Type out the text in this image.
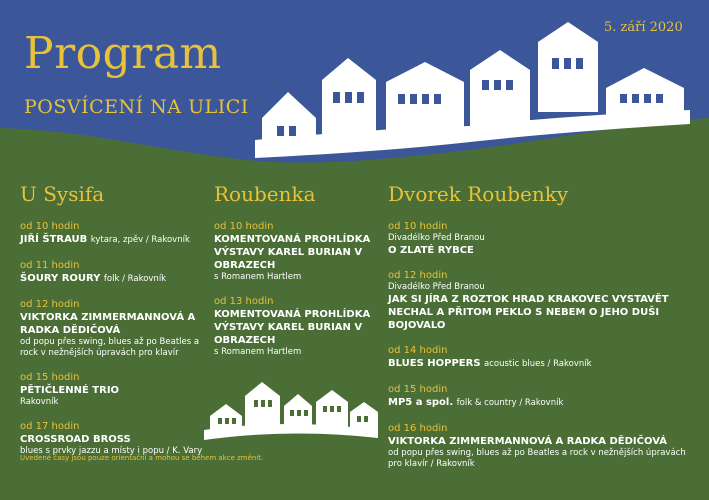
Program

POSVÍCENÍ NA ULICI

5. září 2020

U Sysifa
od 10 hodin
JIŘÍ ŠTRAUB kytara, zpěv / Rakovník
od 11 hodin
ŠOURY ROURY folk / Rakovník
od 12 hodin
VIKTORKA ZIMMERMANNOVÁ A RADKA DĚDIČOVÁ
od popu přes swing, blues až po Beatles a rock v nežnějších úpravách pro klavír
od 15 hodin
PĚTIČLENNÉ TRIO
Rakovník
od 17 hodin
CROSSROAD BROSS
blues s prvky jazzu a místy i popu / K. Vary
Roubenka
od 10 hodin
KOMENTOVANÁ PROHLÍDKA VÝSTAVY KAREL BURIAN V OBRAZECH
s Romanem Hartlem
od 13 hodin
KOMENTOVANÁ PROHLÍDKA VÝSTAVY KAREL BURIAN V OBRAZECH
s Romanem Hartlem
Dvorek Roubenky
od 10 hodin
Divadélko Před Branou
O ZLATÉ RYBCE
od 12 hodin
Divadélko Před Branou
JAK SI JÍRA Z ROZTOK HRAD KRAKOVEC VYSTAVĚT NECHAL A PŘITOM PEKLO S NEBEM O JEHO DUŠI BOJOVALO
od 14 hodin
BLUES HOPPERS acoustic blues / Rakovník
od 15 hodin
MP5 a spol. folk & country / Rakovník
od 16 hodin
VIKTORKA ZIMMERMANNOVÁ A RADKA DĚDIČOVÁ
od popu přes swing, blues až po Beatles a rock v nežnějších úpravách pro klavír / Rakovník

Uvedené časy jsou pouze orientační a mohou se během akce změnit.
